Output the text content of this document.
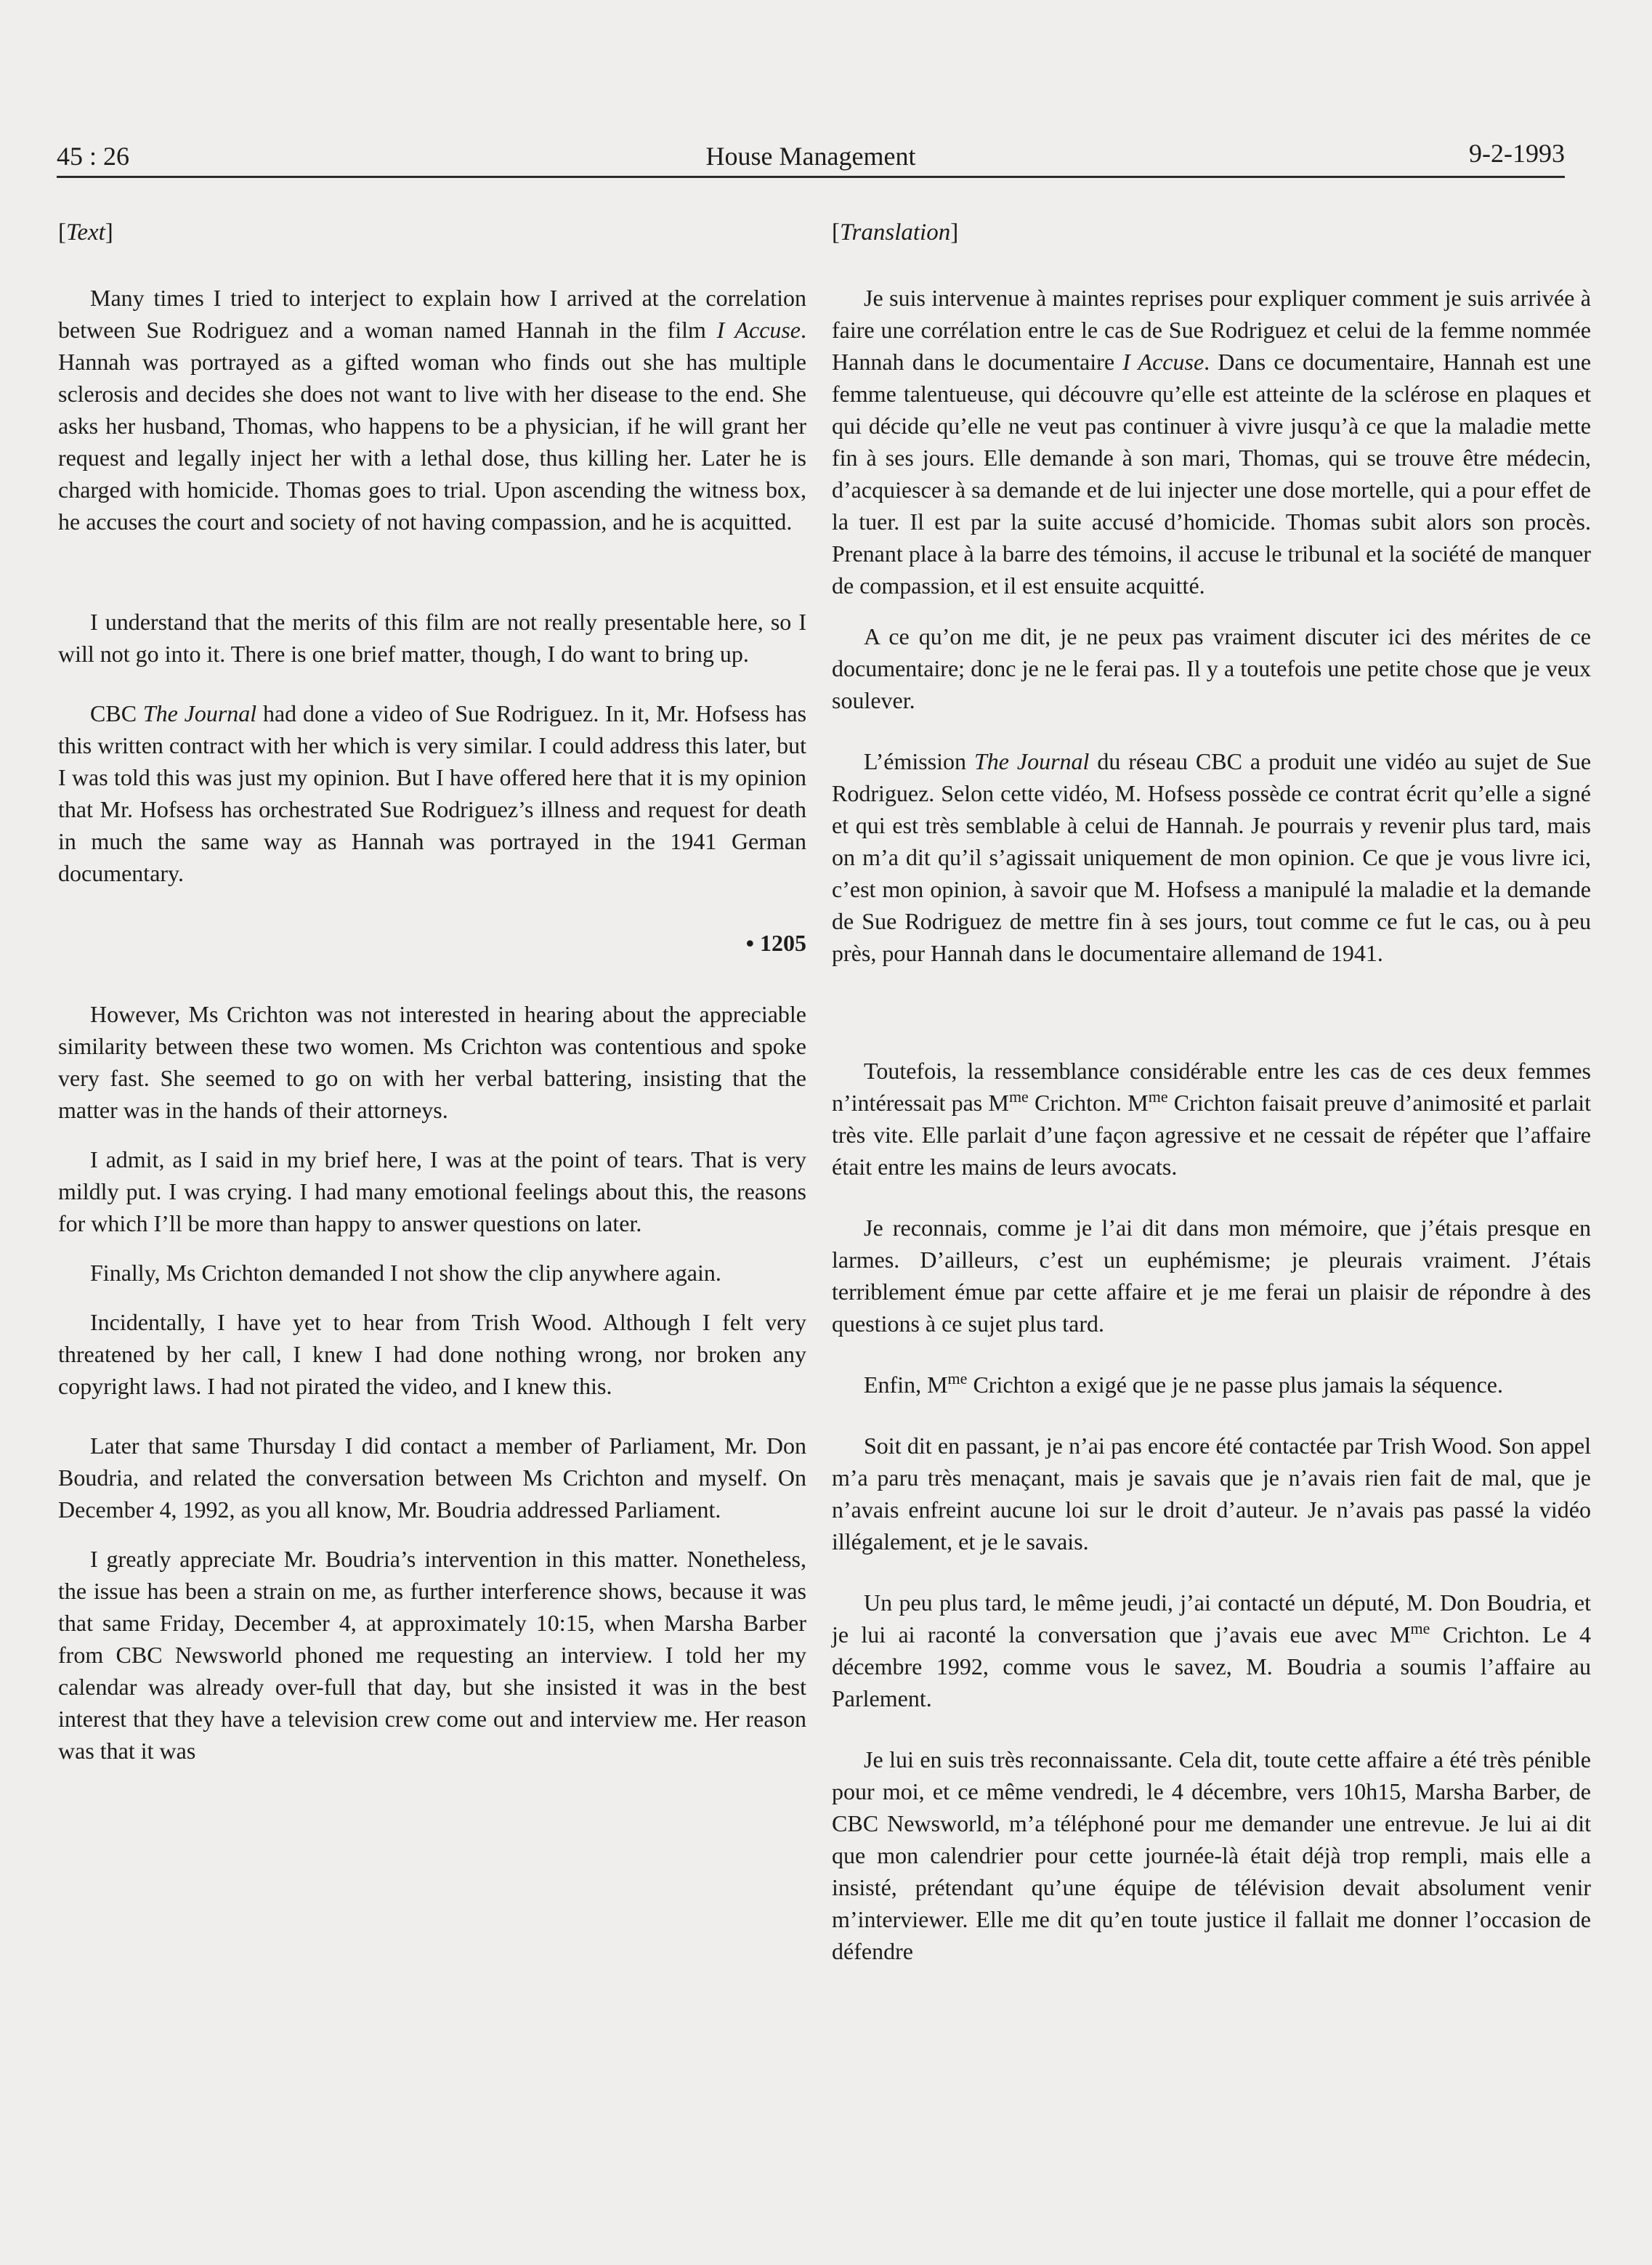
45 : 26	House Management	9-2-1993
[Text]

Many times I tried to interject to explain how I arrived at the correlation between Sue Rodriguez and a woman named Hannah in the film I Accuse. Hannah was portrayed as a gifted woman who finds out she has multiple sclerosis and decides she does not want to live with her disease to the end. She asks her husband, Thomas, who happens to be a physician, if he will grant her request and legally inject her with a lethal dose, thus killing her. Later he is charged with homicide. Thomas goes to trial. Upon ascending the witness box, he accuses the court and society of not having compassion, and he is acquitted.

I understand that the merits of this film are not really presentable here, so I will not go into it. There is one brief matter, though, I do want to bring up.

CBC The Journal had done a video of Sue Rodriguez. In it, Mr. Hofsess has this written contract with her which is very similar. I could address this later, but I was told this was just my opinion. But I have offered here that it is my opinion that Mr. Hofsess has orchestrated Sue Rodriguez’s illness and request for death in much the same way as Hannah was portrayed in the 1941 German documentary.

• 1205

However, Ms Crichton was not interested in hearing about the appreciable similarity between these two women. Ms Crichton was contentious and spoke very fast. She seemed to go on with her verbal battering, insisting that the matter was in the hands of their attorneys.

I admit, as I said in my brief here, I was at the point of tears. That is very mildly put. I was crying. I had many emotional feelings about this, the reasons for which I’ll be more than happy to answer questions on later.

Finally, Ms Crichton demanded I not show the clip anywhere again.

Incidentally, I have yet to hear from Trish Wood. Although I felt very threatened by her call, I knew I had done nothing wrong, nor broken any copyright laws. I had not pirated the video, and I knew this.

Later that same Thursday I did contact a member of Parliament, Mr. Don Boudria, and related the conversation between Ms Crichton and myself. On December 4, 1992, as you all know, Mr. Boudria addressed Parliament.

I greatly appreciate Mr. Boudria’s intervention in this matter. Nonetheless, the issue has been a strain on me, as further interference shows, because it was that same Friday, December 4, at approximately 10:15, when Marsha Barber from CBC Newsworld phoned me requesting an interview. I told her my calendar was already over-full that day, but she insisted it was in the best interest that they have a television crew come out and interview me. Her reason was that it was

[Translation]

Je suis intervenue à maintes reprises pour expliquer comment je suis arrivée à faire une corrélation entre le cas de Sue Rodriguez et celui de la femme nommée Hannah dans le documentaire I Accuse. Dans ce documentaire, Hannah est une femme talentueuse, qui découvre qu’elle est atteinte de la sclérose en plaques et qui décide qu’elle ne veut pas continuer à vivre jusqu’à ce que la maladie mette fin à ses jours. Elle demande à son mari, Thomas, qui se trouve être médecin, d’acquiescer à sa demande et de lui injecter une dose mortelle, qui a pour effet de la tuer. Il est par la suite accusé d’homicide. Thomas subit alors son procès. Prenant place à la barre des témoins, il accuse le tribunal et la société de manquer de compassion, et il est ensuite acquitté.

A ce qu’on me dit, je ne peux pas vraiment discuter ici des mérites de ce documentaire; donc je ne le ferai pas. Il y a toutefois une petite chose que je veux soulever.

L’émission The Journal du réseau CBC a produit une vidéo au sujet de Sue Rodriguez. Selon cette vidéo, M. Hofsess possède ce contrat écrit qu’elle a signé et qui est très semblable à celui de Hannah. Je pourrais y revenir plus tard, mais on m’a dit qu’il s’agissait uniquement de mon opinion. Ce que je vous livre ici, c’est mon opinion, à savoir que M. Hofsess a manipulé la maladie et la demande de Sue Rodriguez de mettre fin à ses jours, tout comme ce fut le cas, ou à peu près, pour Hannah dans le documentaire allemand de 1941.

Toutefois, la ressemblance considérable entre les cas de ces deux femmes n’intéressait pas $M^{me}$ Crichton. $M^{me}$ Crichton faisait preuve d’animosité et parlait très vite. Elle parlait d’une façon agressive et ne cessait de répéter que l’affaire était entre les mains de leurs avocats.

Je reconnais, comme je l’ai dit dans mon mémoire, que j’étais presque en larmes. D’ailleurs, c’est un euphémisme; je pleurais vraiment. J’étais terriblement émue par cette affaire et je me ferai un plaisir de répondre à des questions à ce sujet plus tard.

Enfin, $M^{me}$ Crichton a exigé que je ne passe plus jamais la séquence.

Soit dit en passant, je n’ai pas encore été contactée par Trish Wood. Son appel m’a paru très menaçant, mais je savais que je n’avais rien fait de mal, que je n’avais enfreint aucune loi sur le droit d’auteur. Je n’avais pas passé la vidéo illégalement, et je le savais.

Un peu plus tard, le même jeudi, j’ai contacté un député, M. Don Boudria, et je lui ai raconté la conversation que j’avais eue avec $M^{me}$ Crichton. Le 4 décembre 1992, comme vous le savez, M. Boudria a soumis l’affaire au Parlement.

Je lui en suis très reconnaissante. Cela dit, toute cette affaire a été très pénible pour moi, et ce même vendredi, le 4 décembre, vers 10h15, Marsha Barber, de CBC Newsworld, m’a téléphoné pour me demander une entrevue. Je lui ai dit que mon calendrier pour cette journée-là était déjà trop rempli, mais elle a insisté, prétendant qu’une équipe de télévision devait absolument venir m’interviewer. Elle me dit qu’en toute justice il fallait me donner l’occasion de défendre
